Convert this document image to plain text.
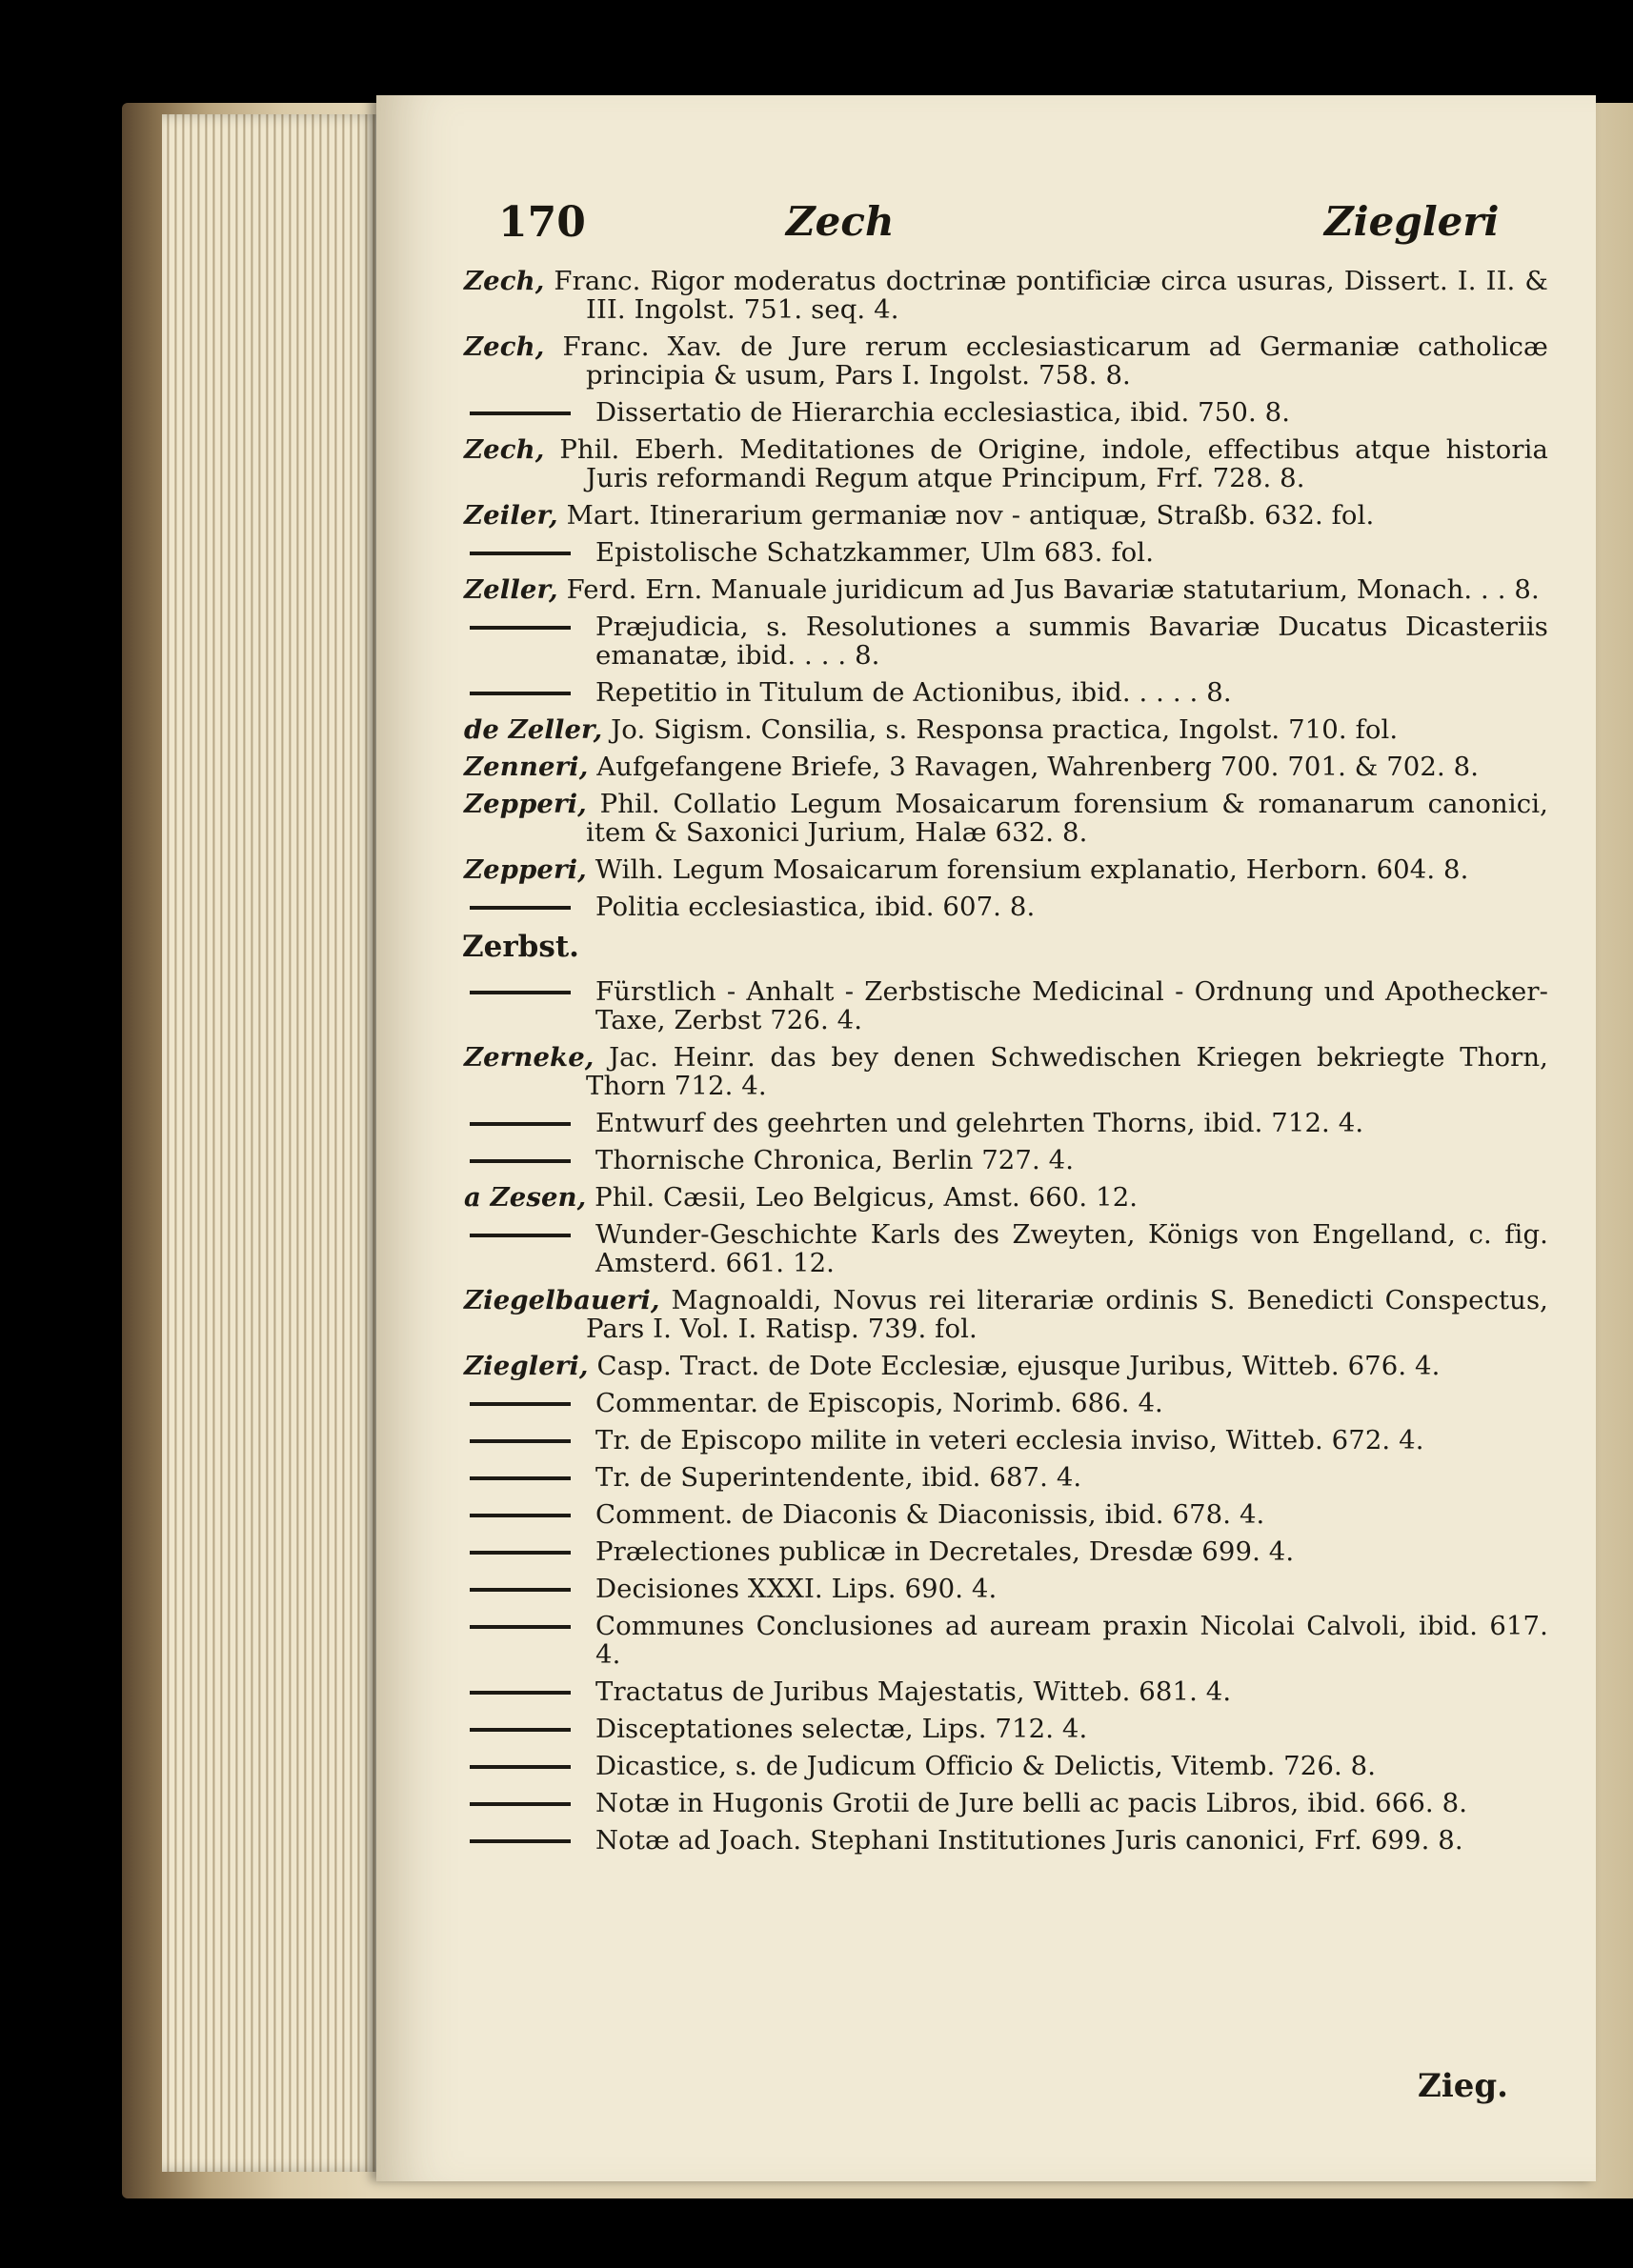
170	Zech	Ziegleri
Zech, Franc. Rigor moderatus doctrinæ pontificiæ circa usuras, Dissert. I. II. & III. Ingolst. 751. seq. 4.
Zech, Franc. Xav. de Jure rerum ecclesiasticarum ad Germaniæ catholicæ principia & usum, Pars I. Ingolst. 758. 8.
Dissertatio de Hierarchia ecclesiastica, ibid. 750. 8.
Zech, Phil. Eberh. Meditationes de Origine, indole, effectibus atque historia Juris reformandi Regum atque Principum, Frf. 728. 8.
Zeiler, Mart. Itinerarium germaniæ nov - antiquæ, Straßb. 632. fol.
Epistolische Schatzkammer, Ulm 683. fol.
Zeller, Ferd. Ern. Manuale juridicum ad Jus Bavariæ statutarium, Monach. . . 8.
Præjudicia, s. Resolutiones a summis Bavariæ Ducatus Dicasteriis emanatæ, ibid. . . . 8.
Repetitio in Titulum de Actionibus, ibid. . . . . 8.
de Zeller, Jo. Sigism. Consilia, s. Responsa practica, Ingolst. 710. fol.
Zenneri, Aufgefangene Briefe, 3 Ravagen, Wahrenberg 700. 701. & 702. 8.
Zepperi, Phil. Collatio Legum Mosaicarum forensium & romanarum canonici, item & Saxonici Jurium, Halæ 632. 8.
Zepperi, Wilh. Legum Mosaicarum forensium explanatio, Herborn. 604. 8.
Politia ecclesiastica, ibid. 607. 8.
Zerbst.
Fürstlich - Anhalt - Zerbstische Medicinal - Ordnung und Apothecker-Taxe, Zerbst 726. 4.
Zerneke, Jac. Heinr. das bey denen Schwedischen Kriegen bekriegte Thorn, Thorn 712. 4.
Entwurf des geehrten und gelehrten Thorns, ibid. 712. 4.
Thornische Chronica, Berlin 727. 4.
a Zesen, Phil. Cæsii, Leo Belgicus, Amst. 660. 12.
Wunder-Geschichte Karls des Zweyten, Königs von Engelland, c. fig. Amsterd. 661. 12.
Ziegelbaueri, Magnoaldi, Novus rei literariæ ordinis S. Benedicti Conspectus, Pars I. Vol. I. Ratisp. 739. fol.
Ziegleri, Casp. Tract. de Dote Ecclesiæ, ejusque Juribus, Witteb. 676. 4.
Commentar. de Episcopis, Norimb. 686. 4.
Tr. de Episcopo milite in veteri ecclesia inviso, Witteb. 672. 4.
Tr. de Superintendente, ibid. 687. 4.
Comment. de Diaconis & Diaconissis, ibid. 678. 4.
Prælectiones publicæ in Decretales, Dresdæ 699. 4.
Decisiones XXXI. Lips. 690. 4.
Communes Conclusiones ad auream praxin Nicolai Calvoli, ibid. 617. 4.
Tractatus de Juribus Majestatis, Witteb. 681. 4.
Disceptationes selectæ, Lips. 712. 4.
Dicastice, s. de Judicum Officio & Delictis, Vitemb. 726. 8.
Notæ in Hugonis Grotii de Jure belli ac pacis Libros, ibid. 666. 8.
Notæ ad Joach. Stephani Institutiones Juris canonici, Frf. 699. 8.
Zieg.
